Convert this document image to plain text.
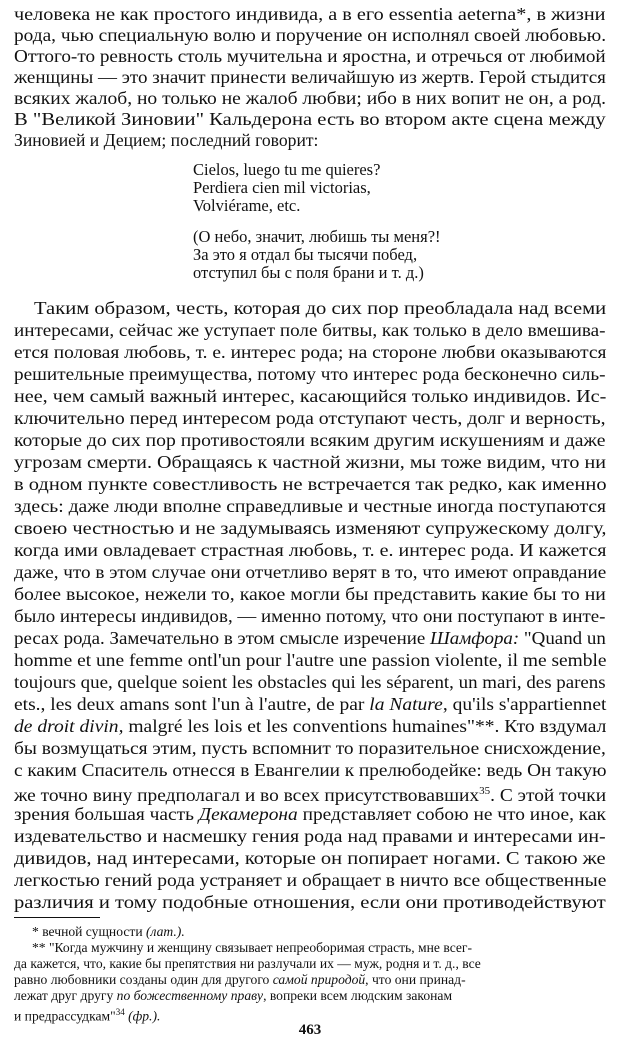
человека не как простого индивида, а в его essentia aeterna*, в жизни
рода, чью специальную волю и поручение он исполнял своей любовью.
Оттого-то ревность столь мучительна и яростна, и отречься от любимой
женщины — это значит принести величайшую из жертв. Герой стыдится
всяких жалоб, но только не жалоб любви; ибо в них вопит не он, а род.
В "Великой Зиновии" Кальдерона есть во втором акте сцена между
Зиновией и Децием; последний говорит:
Cielos, luego tu me quieres?
Perdiera cien mil victorias,
Volviérame, etc.
(О небо, значит, любишь ты меня?!
За это я отдал бы тысячи побед,
отступил бы с поля брани и т. д.)
Таким образом, честь, которая до сих пор преобладала над всеми
интересами, сейчас же уступает поле битвы, как только в дело вмешива-
ется половая любовь, т. е. интерес рода; на стороне любви оказываются
решительные преимущества, потому что интерес рода бесконечно силь-
нее, чем самый важный интерес, касающийся только индивидов. Ис-
ключительно перед интересом рода отступают честь, долг и верность,
которые до сих пор противостояли всяким другим искушениям и даже
угрозам смерти. Обращаясь к частной жизни, мы тоже видим, что ни
в одном пункте совестливость не встречается так редко, как именно
здесь: даже люди вполне справедливые и честные иногда поступаются
своею честностью и не задумываясь изменяют супружескому долгу,
когда ими овладевает страстная любовь, т. е. интерес рода. И кажется
даже, что в этом случае они отчетливо верят в то, что имеют оправдание
более высокое, нежели то, какое могли бы представить какие бы то ни
было интересы индивидов, — именно потому, что они поступают в инте-
ресах рода. Замечательно в этом смысле изречение Шамфора: "Quand un
homme et une femme ontl'un pour l'autre une passion violente, il me semble
toujours que, quelque soient les obstacles qui les séparent, un mari, des parens
ets., les deux amans sont l'un à l'autre, de par la Nature, qu'ils s'appartiennet
de droit divin, malgré les lois et les conventions humaines"**. Кто вздумал
бы возмущаться этим, пусть вспомнит то поразительное снисхождение,
с каким Спаситель отнесся в Евангелии к прелюбодейке: ведь Он такую
же точно вину предполагал и во всех присутствовавших$^{35}$. С этой точки
зрения большая часть Декамерона представляет собою не что иное, как
издевательство и насмешку гения рода над правами и интересами ин-
дивидов, над интересами, которые он попирает ногами. С такою же
легкостью гений рода устраняет и обращает в ничто все общественные
различия и тому подобные отношения, если они противодействуют
* вечной сущности (лат.).
** "Когда мужчину и женщину связывает непреоборимая страсть, мне всег-
да кажется, что, какие бы препятствия ни разлучали их — муж, родня и т. д., все
равно любовники созданы один для другого самой природой, что они принад-
лежат друг другу по божественному праву, вопреки всем людским законам
и предрассудкам"$^{34}$ (фр.).
463
